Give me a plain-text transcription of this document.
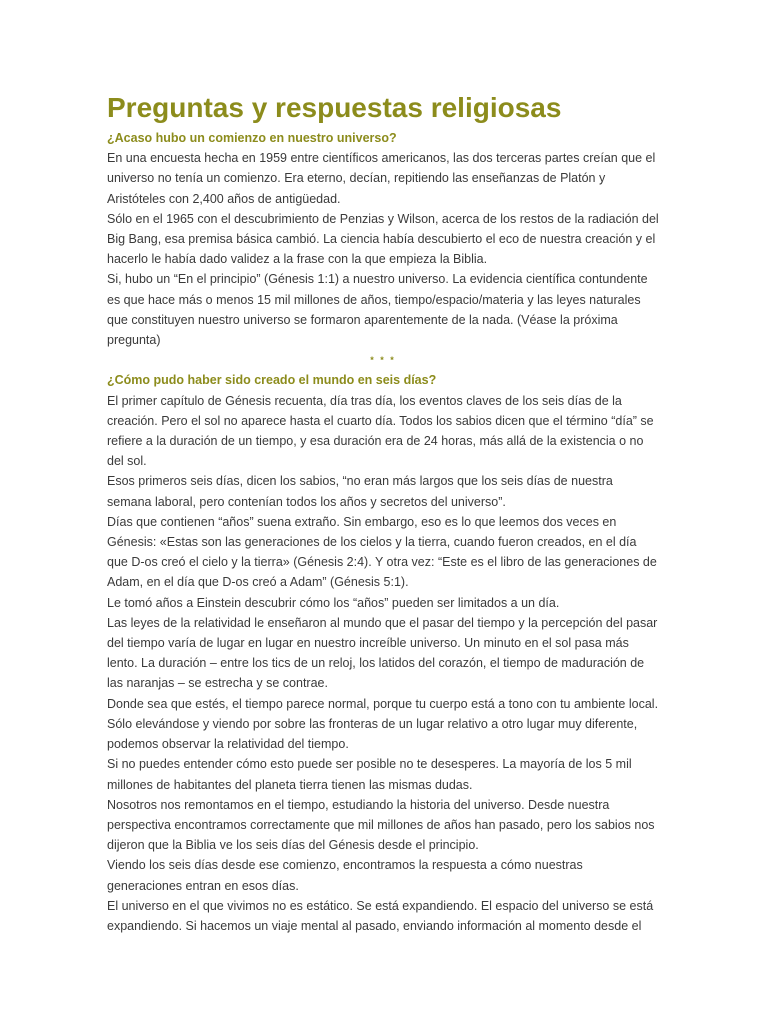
Preguntas y respuestas religiosas

¿Acaso hubo un comienzo en nuestro universo?

En una encuesta hecha en 1959 entre científicos americanos, las dos terceras partes creían que el universo no tenía un comienzo. Era eterno, decían, repitiendo las enseñanzas de Platón y Aristóteles con 2,400 años de antigüedad.

Sólo en el 1965 con el descubrimiento de Penzias y Wilson, acerca de los restos de la radiación del Big Bang, esa premisa básica cambió. La ciencia había descubierto el eco de nuestra creación y el hacerlo le había dado validez a la frase con la que empieza la Biblia.

Si, hubo un “En el principio” (Génesis 1:1) a nuestro universo. La evidencia científica contundente es que hace más o menos 15 mil millones de años, tiempo/espacio/materia y las leyes naturales que constituyen nuestro universo se formaron aparentemente de la nada. (Véase la próxima pregunta)

* * *

¿Cómo pudo haber sido creado el mundo en seis días?

El primer capítulo de Génesis recuenta, día tras día, los eventos claves de los seis días de la creación. Pero el sol no aparece hasta el cuarto día. Todos los sabios dicen que el término “día” se refiere a la duración de un tiempo, y esa duración era de 24 horas, más allá de la existencia o no del sol.

Esos primeros seis días, dicen los sabios, “no eran más largos que los seis días de nuestra semana laboral, pero contenían todos los años y secretos del universo”.

Días que contienen “años” suena extraño. Sin embargo, eso es lo que leemos dos veces en Génesis: «Estas son las generaciones de los cielos y la tierra, cuando fueron creados, en el día que D-os creó el cielo y la tierra» (Génesis 2:4). Y otra vez: “Este es el libro de las generaciones de Adam, en el día que D-os creó a Adam” (Génesis 5:1).

Le tomó años a Einstein descubrir cómo los “años” pueden ser limitados a un día.

Las leyes de la relatividad le enseñaron al mundo que el pasar del tiempo y la percepción del pasar del tiempo varía de lugar en lugar en nuestro increíble universo. Un minuto en el sol pasa más lento. La duración – entre los tics de un reloj, los latidos del corazón, el tiempo de maduración de las naranjas – se estrecha y se contrae.

Donde sea que estés, el tiempo parece normal, porque tu cuerpo está a tono con tu ambiente local. Sólo elevándose y viendo por sobre las fronteras de un lugar relativo a otro lugar muy diferente, podemos observar la relatividad del tiempo.

Si no puedes entender cómo esto puede ser posible no te desesperes. La mayoría de los 5 mil millones de habitantes del planeta tierra tienen las mismas dudas.

Nosotros nos remontamos en el tiempo, estudiando la historia del universo. Desde nuestra perspectiva encontramos correctamente que mil millones de años han pasado, pero los sabios nos dijeron que la Biblia ve los seis días del Génesis desde el principio.

Viendo los seis días desde ese comienzo, encontramos la respuesta a cómo nuestras generaciones entran en esos días.

El universo en el que vivimos no es estático. Se está expandiendo. El espacio del universo se está expandiendo. Si hacemos un viaje mental al pasado, enviando información al momento desde el
